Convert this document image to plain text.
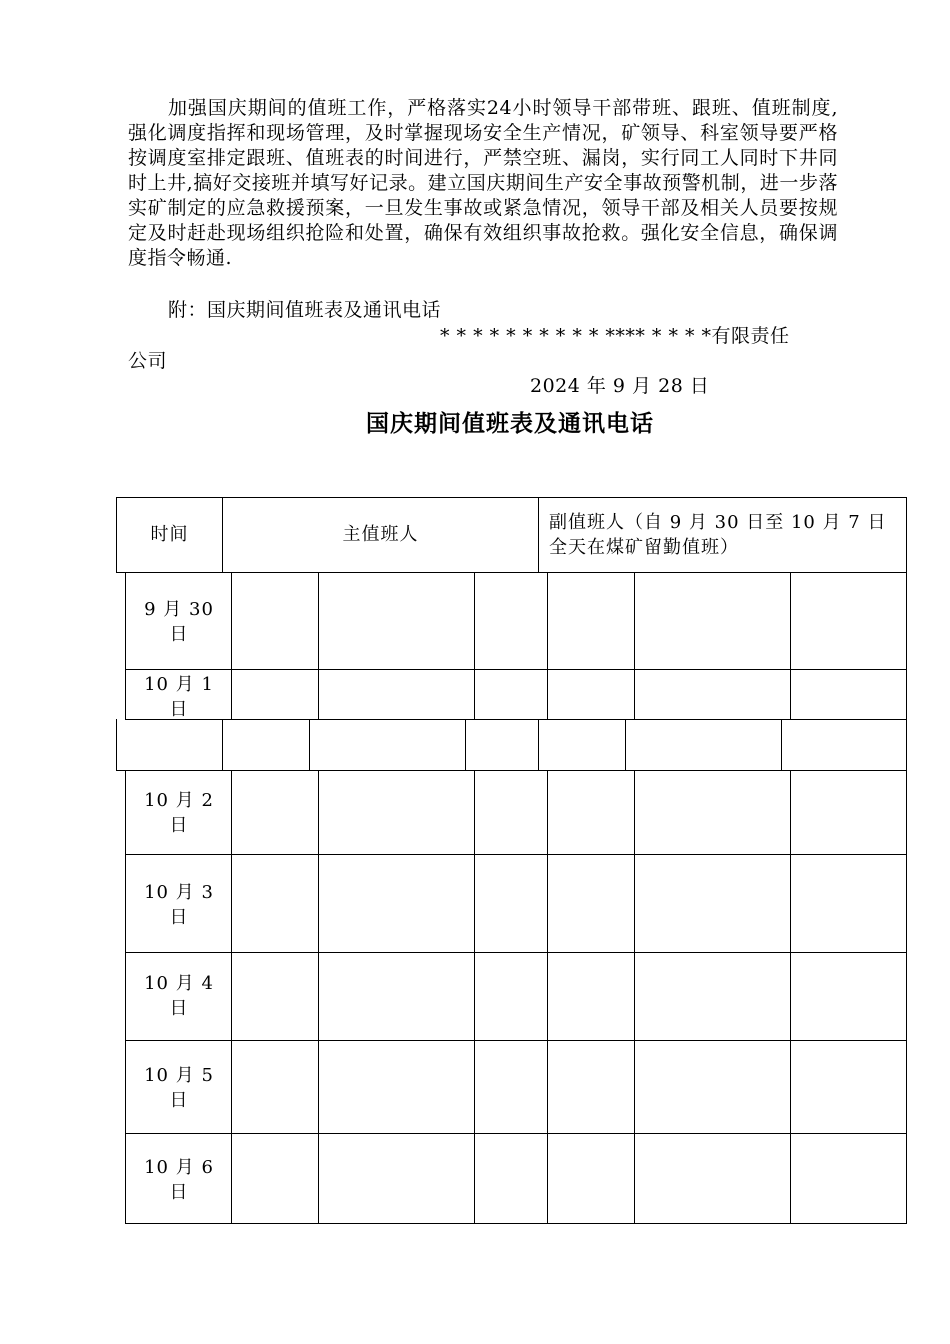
加强国庆期间的值班工作，严格落实24小时领导干部带班、跟班、值班制度,强化调度指挥和现场管理，及时掌握现场安全生产情况，矿领导、科室领导要严格按调度室排定跟班、值班表的时间进行，严禁空班、漏岗，实行同工人同时下井同时上井,搞好交接班并填写好记录。建立国庆期间生产安全事故预警机制，进一步落实矿制定的应急救援预案，一旦发生事故或紧急情况，领导干部及相关人员要按规定及时赶赴现场组织抢险和处置，确保有效组织事故抢救。强化安全信息，确保调度指令畅通.

附：国庆期间值班表及通讯电话
* * * * * * * * * * **** * * * *有限责任
公司
2024 年 9 月 28 日
国庆期间值班表及通讯电话
时间	主值班人
副值班人（自 9 月 30 日至 10 月 7 日全天在煤矿留勤值班）
9 月 30 日
10 月 1 日
10 月 2 日
10 月 3 日
10 月 4 日
10 月 5 日
10 月 6 日
